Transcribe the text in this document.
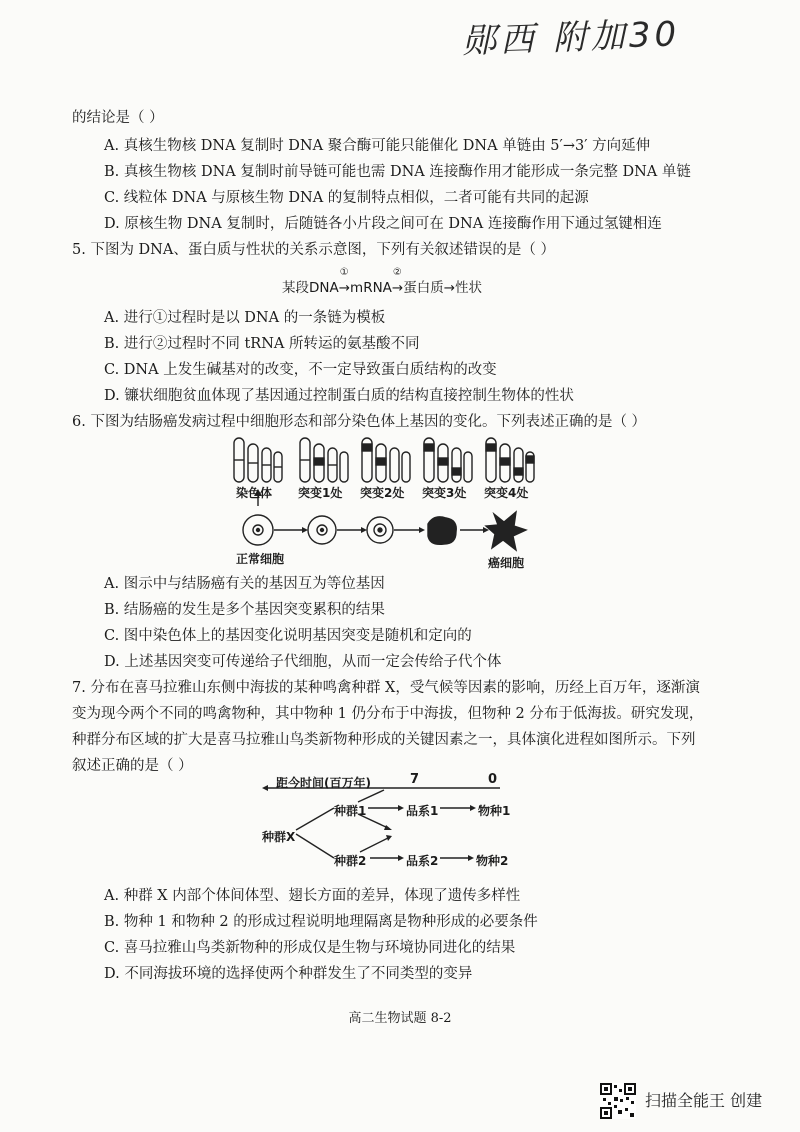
郧西 附加30
的结论是（ ）
A. 真核生物核 DNA 复制时 DNA 聚合酶可能只能催化 DNA 单链由 5′→3′ 方向延伸
B. 真核生物核 DNA 复制时前导链可能也需 DNA 连接酶作用才能形成一条完整 DNA 单链
C. 线粒体 DNA 与原核生物 DNA 的复制特点相似，二者可能有共同的起源
D. 原核生物 DNA 复制时，后随链各小片段之间可在 DNA 连接酶作用下通过氢键相连
5. 下图为 DNA、蛋白质与性状的关系示意图，下列有关叙述错误的是（ ）
某段DNA
①
→mRNA
②
→蛋白质→性状
A. 进行①过程时是以 DNA 的一条链为模板
B. 进行②过程时不同 tRNA 所转运的氨基酸不同
C. DNA 上发生碱基对的改变，不一定导致蛋白质结构的改变
D. 镰状细胞贫血体现了基因通过控制蛋白质的结构直接控制生物体的性状
6. 下图为结肠癌发病过程中细胞形态和部分染色体上基因的变化。下列表述正确的是（ ）
染色体 突变1处 突变2处 突变3处 突变4处
正常细胞	癌细胞
A. 图示中与结肠癌有关的基因互为等位基因
B. 结肠癌的发生是多个基因突变累积的结果
C. 图中染色体上的基因变化说明基因突变是随机和定向的
D. 上述基因突变可传递给子代细胞，从而一定会传给子代个体
7. 分布在喜马拉雅山东侧中海拔的某种鸣禽种群 X，受气候等因素的影响，历经上百万年，逐渐演
变为现今两个不同的鸣禽物种，其中物种 1 仍分布于中海拔，但物种 2 分布于低海拔。研究发现，
种群分布区域的扩大是喜马拉雅山鸟类新物种形成的关键因素之一，具体演化进程如图所示。下列
叙述正确的是（ ）
距今时间(百万年)	7	0
种群X
种群1
种群2
品系1
品系2
物种1
物种2
A. 种群 X 内部个体间体型、翅长方面的差异，体现了遗传多样性
B. 物种 1 和物种 2 的形成过程说明地理隔离是物种形成的必要条件
C. 喜马拉雅山鸟类新物种的形成仅是生物与环境协同进化的结果
D. 不同海拔环境的选择使两个种群发生了不同类型的变异
高二生物试题 8-2
扫描全能王 创建
